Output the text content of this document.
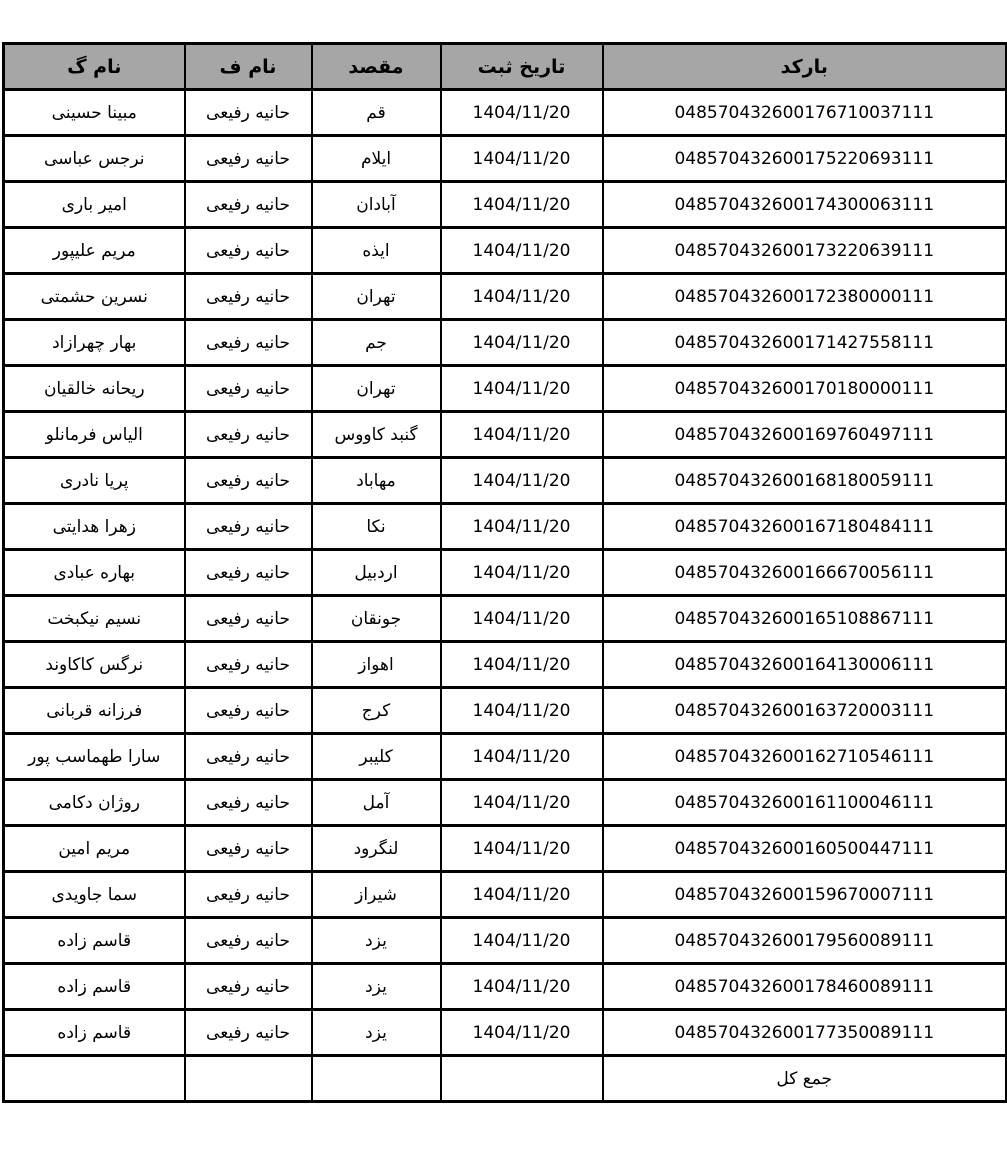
بارکد	تاریخ ثبت	مقصد	نام ف	نام گ
048570432600176710037111	1404/11/20	قم	حانیه رفیعی	مبینا حسینی
048570432600175220693111	1404/11/20	ایلام	حانیه رفیعی	نرجس عباسی
048570432600174300063111	1404/11/20	آبادان	حانیه رفیعی	امیر باری
048570432600173220639111	1404/11/20	ایذه	حانیه رفیعی	مریم علیپور
048570432600172380000111	1404/11/20	تهران	حانیه رفیعی	نسرین حشمتی
048570432600171427558111	1404/11/20	جم	حانیه رفیعی	بهار چهرازاد
048570432600170180000111	1404/11/20	تهران	حانیه رفیعی	ریحانه خالقیان
048570432600169760497111	1404/11/20	گنبد کاووس	حانیه رفیعی	الیاس فرمانلو
048570432600168180059111	1404/11/20	مهاباد	حانیه رفیعی	پریا نادری
048570432600167180484111	1404/11/20	نکا	حانیه رفیعی	زهرا هدایتی
048570432600166670056111	1404/11/20	اردبیل	حانیه رفیعی	بهاره عبادی
048570432600165108867111	1404/11/20	جونقان	حانیه رفیعی	نسیم نیکبخت
048570432600164130006111	1404/11/20	اهواز	حانیه رفیعی	نرگس کاکاوند
048570432600163720003111	1404/11/20	کرج	حانیه رفیعی	فرزانه قربانی
048570432600162710546111	1404/11/20	کلیبر	حانیه رفیعی	سارا طهماسب پور
048570432600161100046111	1404/11/20	آمل	حانیه رفیعی	روژان دکامی
048570432600160500447111	1404/11/20	لنگرود	حانیه رفیعی	مریم امین
048570432600159670007111	1404/11/20	شیراز	حانیه رفیعی	سما جاویدی
048570432600179560089111	1404/11/20	یزد	حانیه رفیعی	قاسم زاده
048570432600178460089111	1404/11/20	یزد	حانیه رفیعی	قاسم زاده
048570432600177350089111	1404/11/20	یزد	حانیه رفیعی	قاسم زاده
جمع کل				
